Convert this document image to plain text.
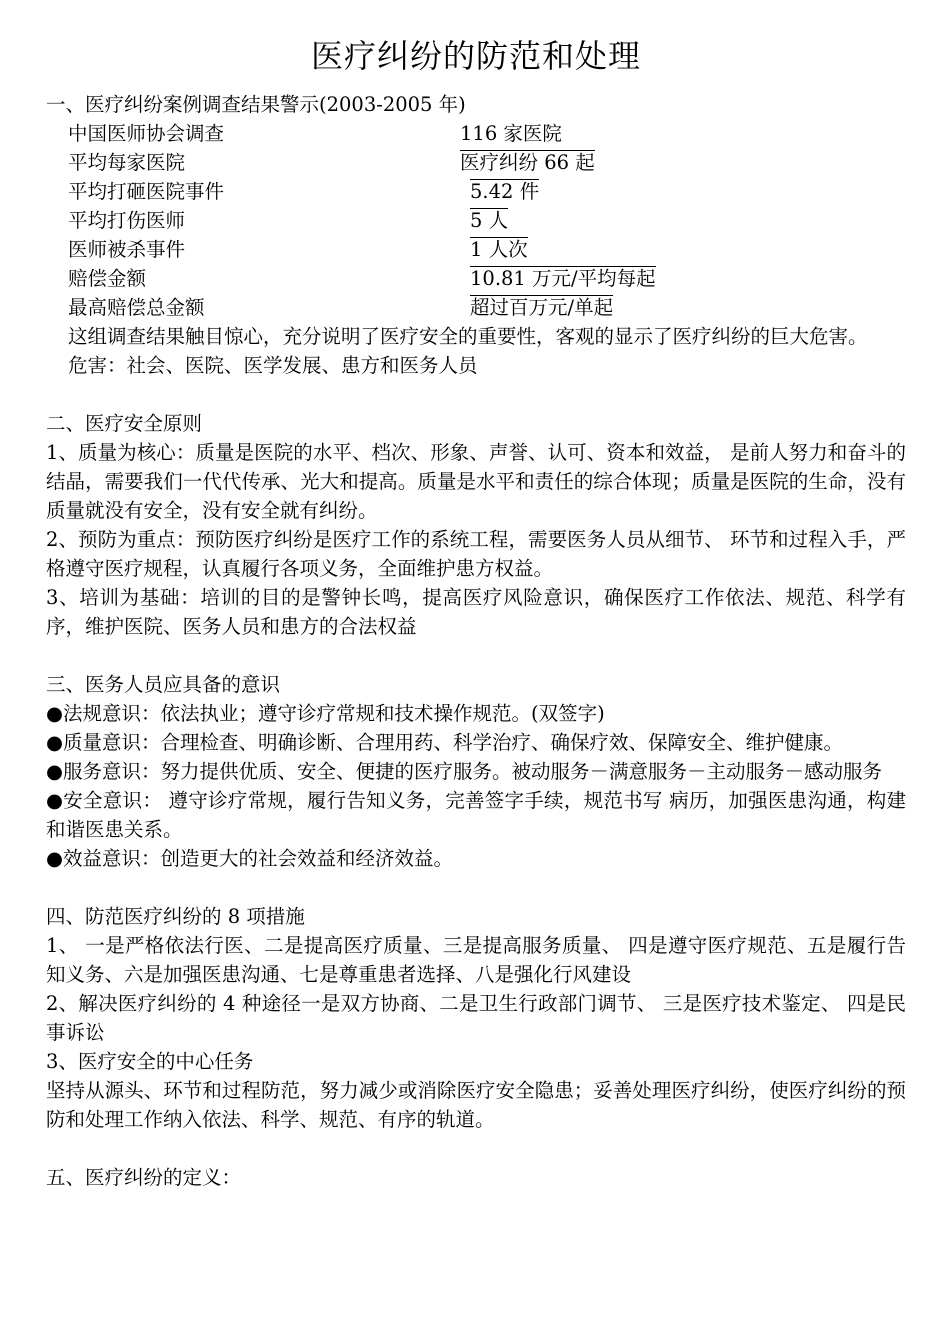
医疗纠纷的防范和处理

一、医疗纠纷案例调查结果警示(2003-2005 年)

中国医师协会调查	116 家医院
平均每家医院	医疗纠纷 66 起
平均打砸医院事件	5.42 件
平均打伤医师	5 人
医师被杀事件	1 人次
赔偿金额	10.81 万元/平均每起
最高赔偿总金额	超过百万元/单起

这组调查结果触目惊心，充分说明了医疗安全的重要性，客观的显示了医疗纠纷的巨大危害。

危害：社会、医院、医学发展、患方和医务人员

二、医疗安全原则

1、质量为核心：质量是医院的水平、档次、形象、声誉、认可、资本和效益， 是前人努力和奋斗的结晶，需要我们一代代传承、光大和提高。质量是水平和责任的综合体现；质量是医院的生命，没有质量就没有安全，没有安全就有纠纷。

2、预防为重点：预防医疗纠纷是医疗工作的系统工程，需要医务人员从细节、 环节和过程入手，严格遵守医疗规程，认真履行各项义务，全面维护患方权益。

3、培训为基础：培训的目的是警钟长鸣，提高医疗风险意识，确保医疗工作依法、规范、科学有序，维护医院、医务人员和患方的合法权益

三、医务人员应具备的意识

●法规意识：依法执业；遵守诊疗常规和技术操作规范。(双签字)

●质量意识：合理检查、明确诊断、合理用药、科学治疗、确保疗效、保障安全、维护健康。

●服务意识：努力提供优质、安全、便捷的医疗服务。被动服务－满意服务－主动服务－感动服务

●安全意识： 遵守诊疗常规，履行告知义务，完善签字手续，规范书写 病历，加强医患沟通，构建和谐医患关系。

●效益意识：创造更大的社会效益和经济效益。

四、防范医疗纠纷的 8 项措施

1、 一是严格依法行医、二是提高医疗质量、三是提高服务质量、 四是遵守医疗规范、五是履行告知义务、六是加强医患沟通、七是尊重患者选择、八是强化行风建设

2、解决医疗纠纷的 4 种途径一是双方协商、二是卫生行政部门调节、 三是医疗技术鉴定、 四是民事诉讼

3、医疗安全的中心任务

坚持从源头、环节和过程防范，努力减少或消除医疗安全隐患；妥善处理医疗纠纷，使医疗纠纷的预防和处理工作纳入依法、科学、规范、有序的轨道。

五、医疗纠纷的定义：
